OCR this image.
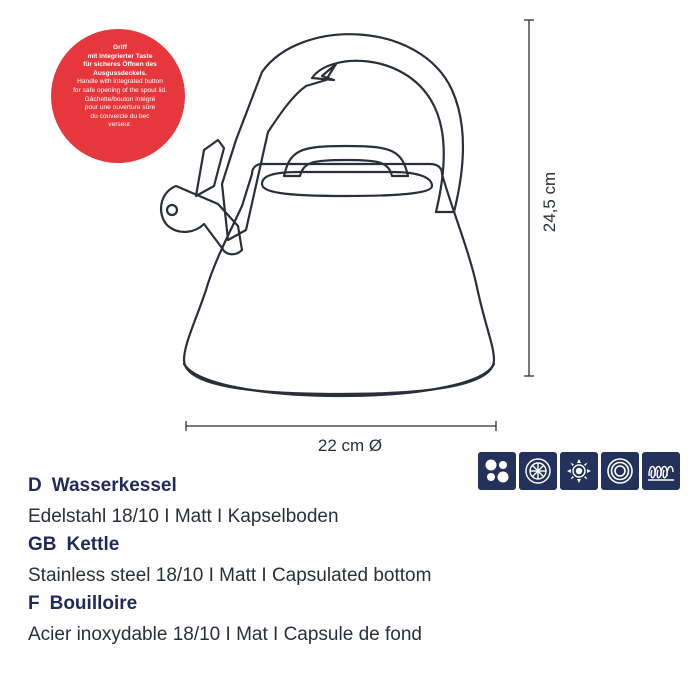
Griff
mit integrierter Taste
für sicheres Öffnen des
Ausgussdeckels.
Handle with integrated button
for safe opening of the spout lid.
Gâchette/bouton intégré
pour une ouverture sûre
du couvercle du bec
verseur.
24,5 cm
22 cm Ø
D Wasserkessel
Edelstahl 18/10 I Matt I Kapselboden
GB Kettle
Stainless steel 18/10 I Matt I Capsulated bottom
F Bouilloire
Acier inoxydable 18/10 I Mat I Capsule de fond
